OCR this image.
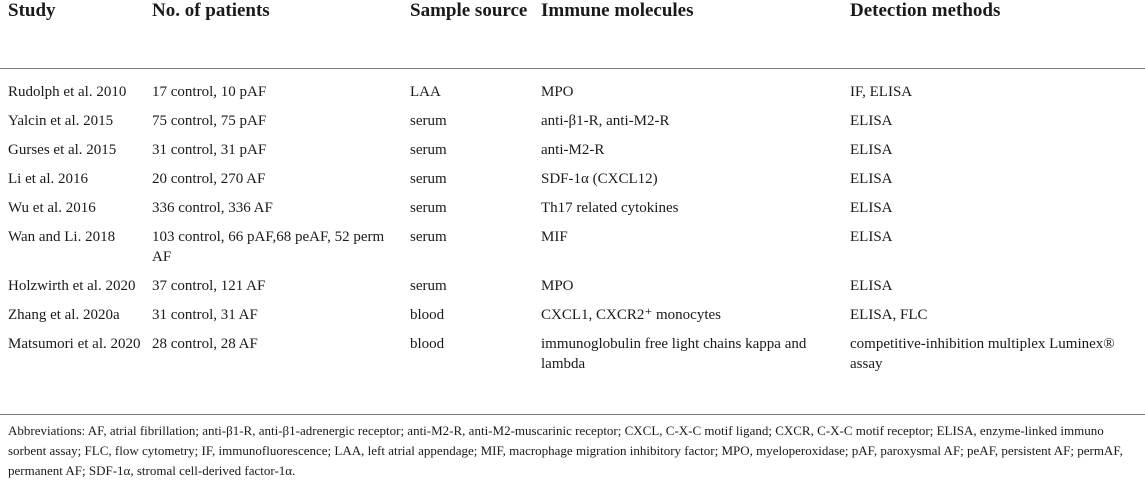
Study	No. of patients	Sample source	Immune molecules	Detection methods

Rudolph et al. 2010	17 control, 10 pAF	LAA	MPO	IF, ELISA

Yalcin et al. 2015	75 control, 75 pAF	serum	anti-β1-R, anti-M2-R	ELISA

Gurses et al. 2015	31 control, 31 pAF	serum	anti-M2-R	ELISA

Li et al. 2016	20 control, 270 AF	serum	SDF-1α (CXCL12)	ELISA

Wu et al. 2016	336 control, 336 AF	serum	Th17 related cytokines	ELISA

Wan and Li. 2018	103 control, 66 pAF,68 peAF, 52 perm AF	serum	MIF	ELISA

Holzwirth et al. 2020	37 control, 121 AF	serum	MPO	ELISA

Zhang et al. 2020a	31 control, 31 AF	blood	CXCL1, CXCR2⁺ monocytes	ELISA, FLC

Matsumori et al. 2020	28 control, 28 AF	blood	immunoglobulin free light chains kappa and lambda	competitive-inhibition multiplex Luminex® assay
Abbreviations: AF, atrial fibrillation; anti-β1-R, anti-β1-adrenergic receptor; anti-M2-R, anti-M2-muscarinic receptor; CXCL, C-X-C motif ligand; CXCR, C-X-C motif receptor; ELISA, enzyme-linked immuno sorbent assay; FLC, flow cytometry; IF, immunofluorescence; LAA, left atrial appendage; MIF, macrophage migration inhibitory factor; MPO, myeloperoxidase; pAF, paroxysmal AF; peAF, persistent AF; permAF, permanent AF; SDF-1α, stromal cell-derived factor-1α.
